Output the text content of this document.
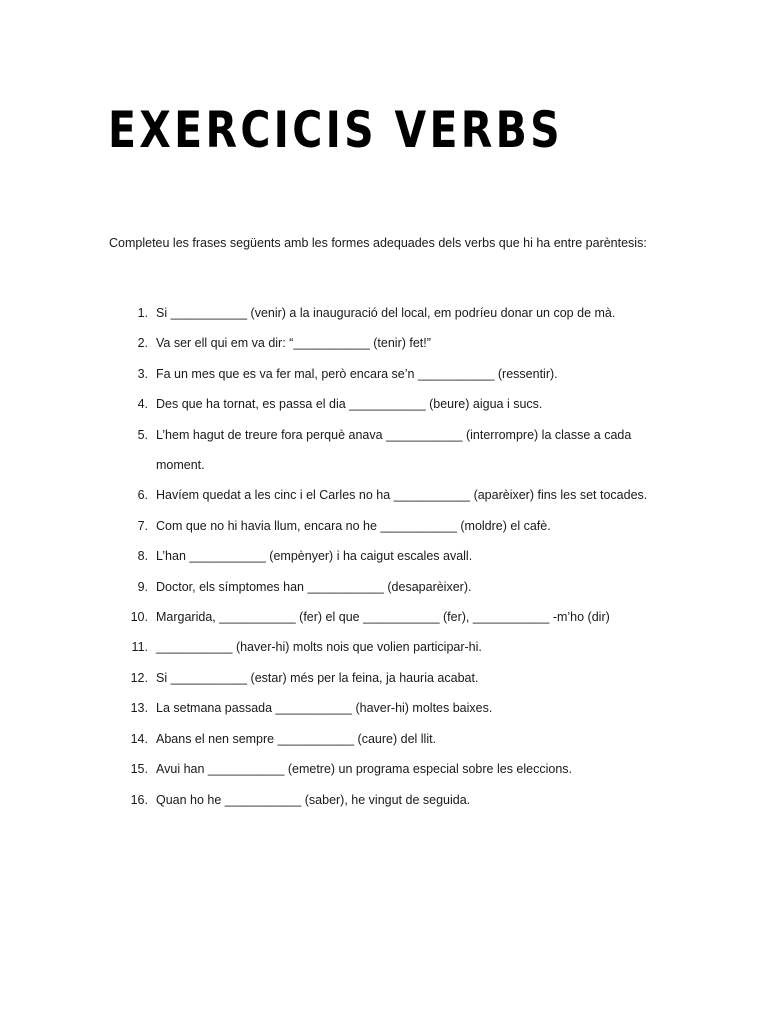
EXERCICIS VERBS

Completeu les frases següents amb les formes adequades dels verbs que hi ha entre parèntesis:

1. Si ___________ (venir) a la inauguració del local, em podríeu donar un cop de mà.
2. Va ser ell qui em va dir: “___________ (tenir) fet!”
3. Fa un mes que es va fer mal, però encara se’n ___________ (ressentir).
4. Des que ha tornat, es passa el dia ___________ (beure) aigua i sucs.
5. L’hem hagut de treure fora perquè anava ___________ (interrompre) la classe a cada moment.
6. Havíem quedat a les cinc i el Carles no ha ___________ (aparèixer) fins les set tocades.
7. Com que no hi havia llum, encara no he ___________ (moldre) el cafè.
8. L’han ___________ (empènyer) i ha caigut escales avall.
9. Doctor, els símptomes han ___________ (desaparèixer).
10. Margarida, ___________ (fer) el que ___________ (fer), ___________ -m’ho (dir)
11. ___________ (haver-hi) molts nois que volien participar-hi.
12. Si ___________ (estar) més per la feina, ja hauria acabat.
13. La setmana passada ___________ (haver-hi) moltes baixes.
14. Abans el nen sempre ___________ (caure) del llit.
15. Avui han ___________ (emetre) un programa especial sobre les eleccions.
16. Quan ho he ___________ (saber), he vingut de seguida.
